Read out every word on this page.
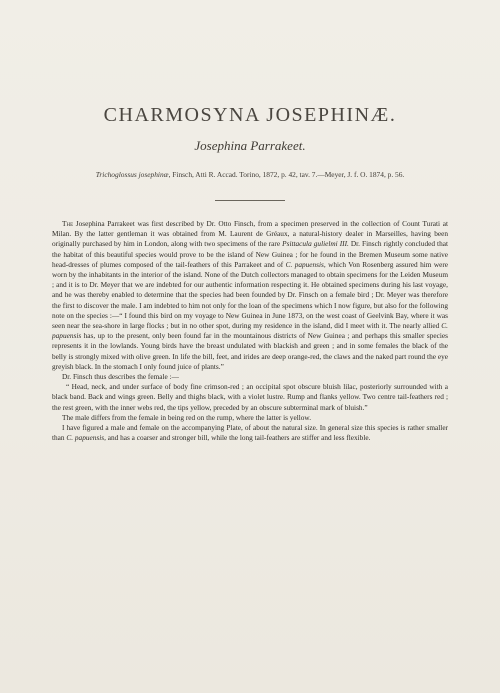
CHARMOSYNA JOSEPHINÆ.
Josephina Parrakeet.
Trichoglossus josephinæ, Finsch, Atti R. Accad. Torino, 1872, p. 42, tav. 7.—Meyer, J. f. O. 1874, p. 56.

The Josephina Parrakeet was first described by Dr. Otto Finsch, from a specimen preserved in the collection of Count Turati at Milan. By the latter gentleman it was obtained from M. Laurent de Gréaux, a natural-history dealer in Marseilles, having been originally purchased by him in London, along with two specimens of the rare Psittacula gulielmi III. Dr. Finsch rightly concluded that the habitat of this beautiful species would prove to be the island of New Guinea ; for he found in the Bremen Museum some native head-dresses of plumes composed of the tail-feathers of this Parrakeet and of C. papuensis, which Von Rosenberg assured him were worn by the inhabitants in the interior of the island. None of the Dutch collectors managed to obtain specimens for the Leiden Museum ; and it is to Dr. Meyer that we are indebted for our authentic information respecting it. He obtained specimens during his last voyage, and he was thereby enabled to determine that the species had been founded by Dr. Finsch on a female bird ; Dr. Meyer was therefore the first to discover the male. I am indebted to him not only for the loan of the specimens which I now figure, but also for the following note on the species :—“ I found this bird on my voyage to New Guinea in June 1873, on the west coast of Geelvink Bay, where it was seen near the sea-shore in large flocks ; but in no other spot, during my residence in the island, did I meet with it. The nearly allied C. papuensis has, up to the present, only been found far in the mountainous districts of New Guinea ; and perhaps this smaller species represents it in the lowlands. Young birds have the breast undulated with blackish and green ; and in some females the black of the belly is strongly mixed with olive green. In life the bill, feet, and irides are deep orange-red, the claws and the naked part round the eye greyish black. In the stomach I only found juice of plants.”

Dr. Finsch thus describes the female :—

“ Head, neck, and under surface of body fine crimson-red ; an occipital spot obscure bluish lilac, posteriorly surrounded with a black band. Back and wings green. Belly and thighs black, with a violet lustre. Rump and flanks yellow. Two centre tail-feathers red ; the rest green, with the inner webs red, the tips yellow, preceded by an obscure subterminal mark of bluish.”

The male differs from the female in being red on the rump, where the latter is yellow.

I have figured a male and female on the accompanying Plate, of about the natural size. In general size this species is rather smaller than C. papuensis, and has a coarser and stronger bill, while the long tail-feathers are stiffer and less flexible.
